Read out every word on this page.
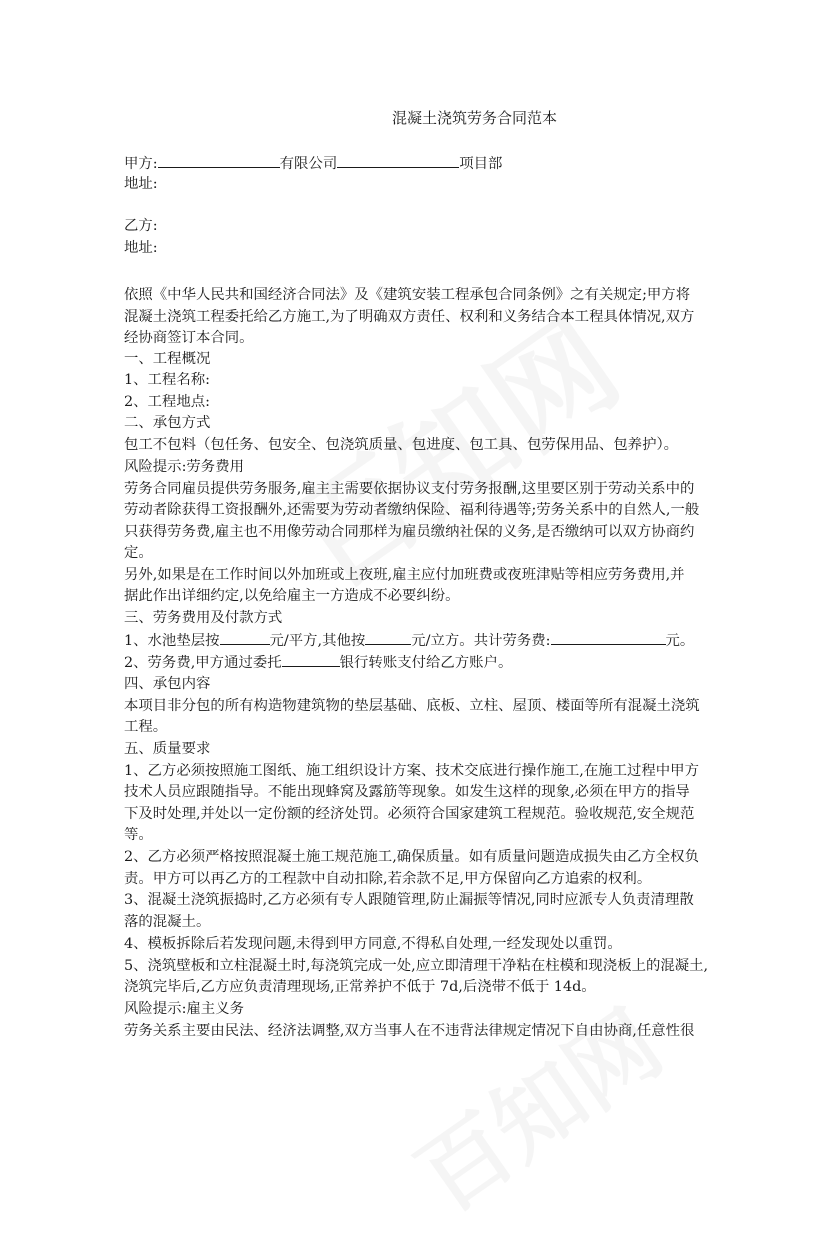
混凝土浇筑劳务合同范本
甲方:	有限公司	项目部
地址:
乙方:
地址:
依照《中华人民共和国经济合同法》及《建筑安装工程承包合同条例》之有关规定;甲方将
混凝土浇筑工程委托给乙方施工,为了明确双方责任、权利和义务结合本工程具体情况,双方
经协商签订本合同。
一、工程概况
1、工程名称:
2、工程地点:
二、承包方式
包工不包料（包任务、包安全、包浇筑质量、包进度、包工具、包劳保用品、包养护）。
风险提示:劳务费用
劳务合同雇员提供劳务服务,雇主主需要依据协议支付劳务报酬,这里要区别于劳动关系中的
劳动者除获得工资报酬外,还需要为劳动者缴纳保险、福利待遇等;劳务关系中的自然人,一般
只获得劳务费,雇主也不用像劳动合同那样为雇员缴纳社保的义务,是否缴纳可以双方协商约
定。
另外,如果是在工作时间以外加班或上夜班,雇主应付加班费或夜班津贴等相应劳务费用,并
据此作出详细约定,以免给雇主一方造成不必要纠纷。
三、劳务费用及付款方式
1、水池垫层按	元/平方,其他按	元/立方。共计劳务费:	元。
2、劳务费,甲方通过委托	银行转账支付给乙方账户。
四、承包内容
本项目非分包的所有构造物建筑物的垫层基础、底板、立柱、屋顶、楼面等所有混凝土浇筑
工程。
五、质量要求
1、乙方必须按照施工图纸、施工组织设计方案、技术交底进行操作施工,在施工过程中甲方
技术人员应跟随指导。不能出现蜂窝及露筋等现象。如发生这样的现象,必须在甲方的指导
下及时处理,并处以一定份额的经济处罚。必须符合国家建筑工程规范。验收规范,安全规范
等。
2、乙方必须严格按照混凝土施工规范施工,确保质量。如有质量问题造成损失由乙方全权负
责。甲方可以再乙方的工程款中自动扣除,若余款不足,甲方保留向乙方追索的权利。
3、混凝土浇筑振捣时,乙方必须有专人跟随管理,防止漏振等情况,同时应派专人负责清理散
落的混凝土。
4、模板拆除后若发现问题,未得到甲方同意,不得私自处理,一经发现处以重罚。
5、浇筑壁板和立柱混凝土时,每浇筑完成一处,应立即清理干净粘在柱模和现浇板上的混凝土,
浇筑完毕后,乙方应负责清理现场,正常养护不低于 7d,后浇带不低于 14d。
风险提示:雇主义务
劳务关系主要由民法、经济法调整,双方当事人在不违背法律规定情况下自由协商,任意性很
